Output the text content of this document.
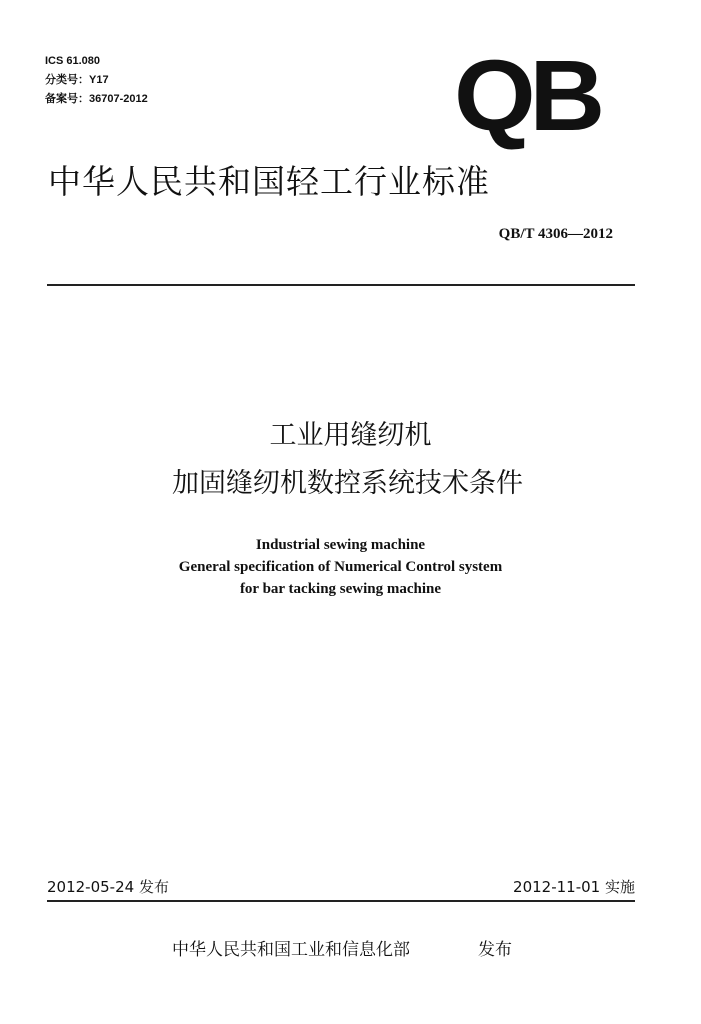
ICS 61.080
分类号：Y17
备案号：36707-2012	QB
中华人民共和国轻工行业标准
QB/T 4306—2012
工业用缝纫机
加固缝纫机数控系统技术条件
Industrial sewing machine
General specification of Numerical Control system
for bar tacking sewing machine
2012-05-24 发布	2012-11-01 实施
中华人民共和国工业和信息化部	发布
